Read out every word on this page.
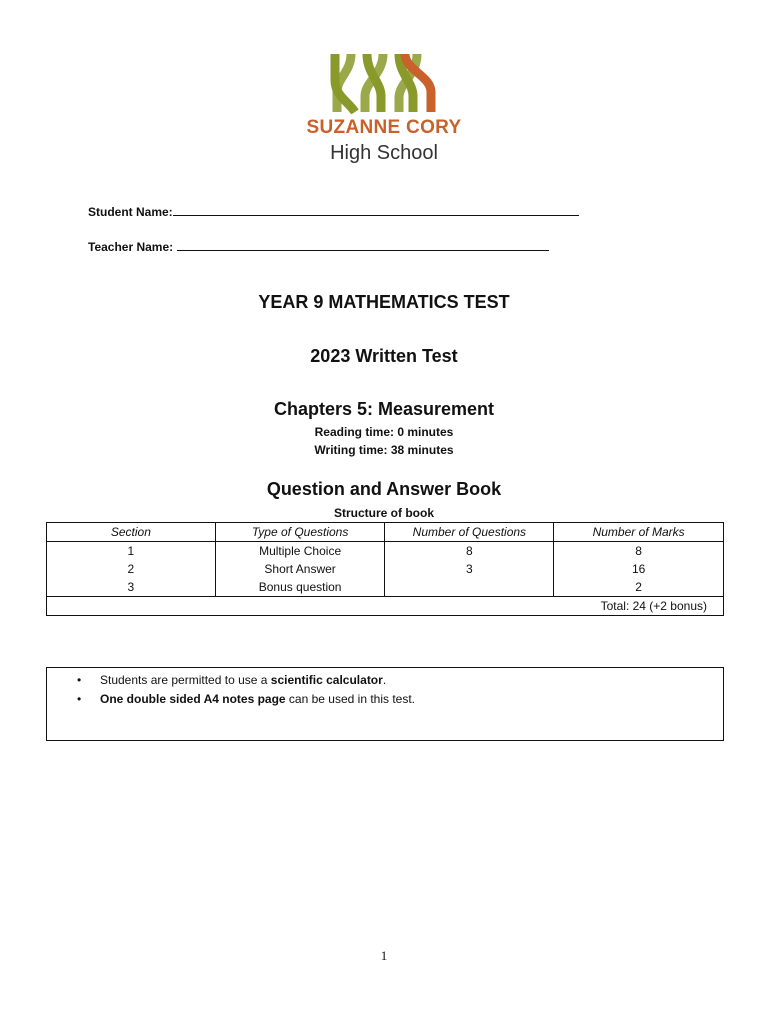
SUZANNE CORY
High School
Student Name:
Teacher Name:
YEAR 9 MATHEMATICS TEST
2023 Written Test
Chapters 5: Measurement
Reading time: 0 minutes
Writing time: 38 minutes
Question and Answer Book
Structure of book
Section	Type of Questions	Number of Questions	Number of Marks
1	Multiple Choice	8	8
2	Short Answer	3	16
3	Bonus question		2
Total: 24 (+2 bonus)			
• Students are permitted to use a scientific calculator.
• One double sided A4 notes page can be used in this test.
1
